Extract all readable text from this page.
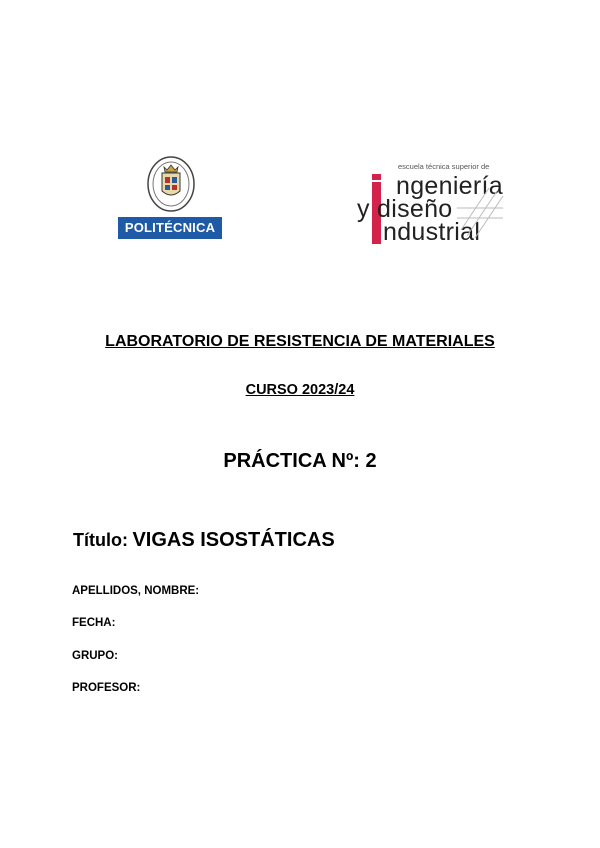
POLITÉCNICA
escuela técnica superior de
ngeniería
y diseño
ndustrial
LABORATORIO DE RESISTENCIA DE MATERIALES
CURSO 2023/24
PRÁCTICA Nº: 2
Título: VIGAS ISOSTÁTICAS
APELLIDOS, NOMBRE:
FECHA:
GRUPO:
PROFESOR:
